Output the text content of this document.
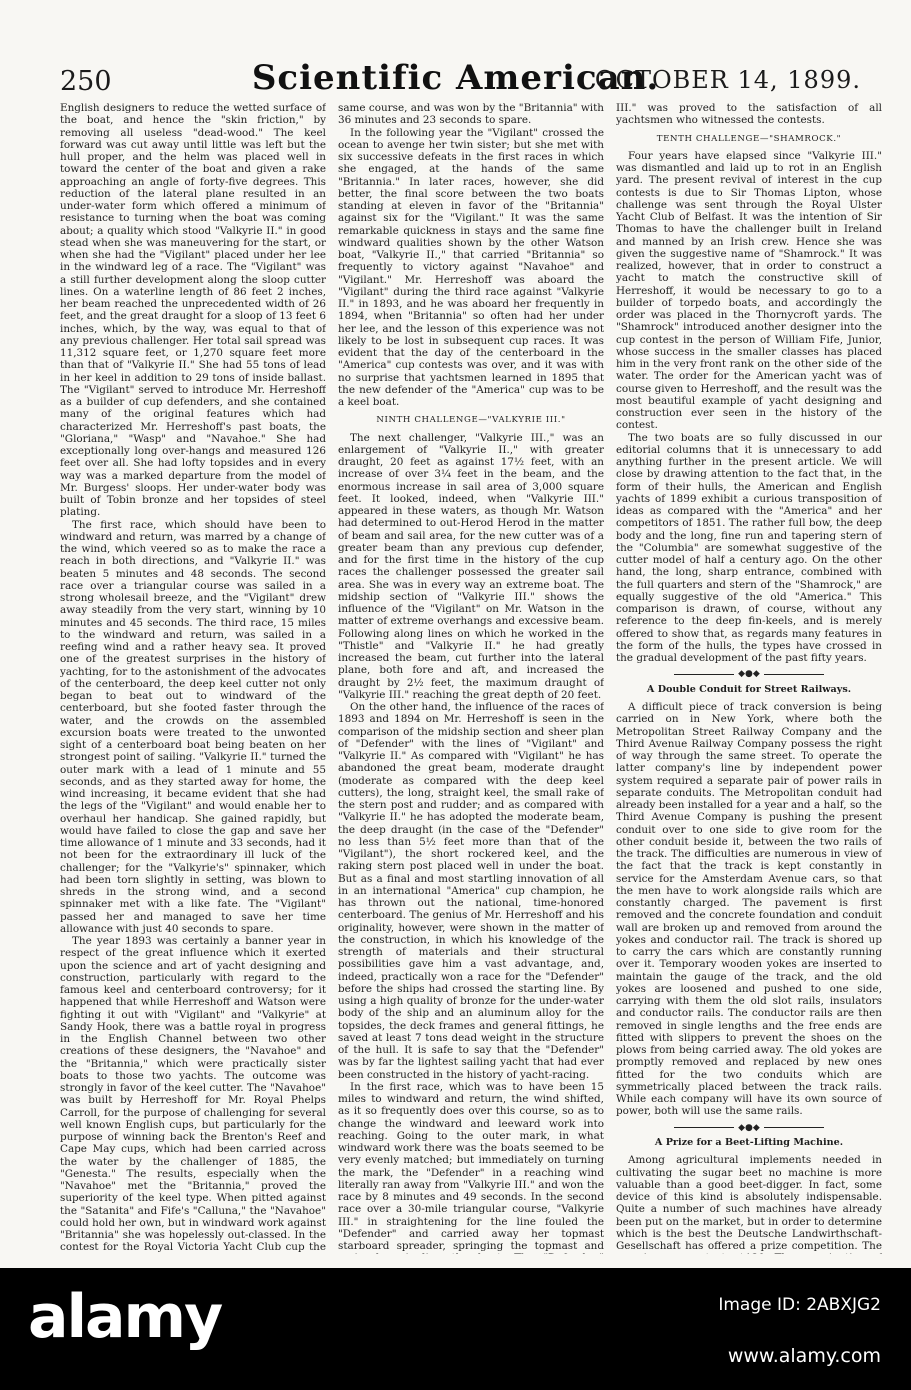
250	Scientific American.
OCTOBER 14, 1899.

English designers to reduce the wetted surface of the boat, and hence the "skin friction," by removing all useless "dead-wood." The keel forward was cut away until little was left but the hull proper, and the helm was placed well in toward the center of the boat and given a rake approaching an angle of forty-five degrees. This reduction of the lateral plane resulted in an under-water form which offered a minimum of resistance to turning when the boat was coming about; a quality which stood "Valkyrie II." in good stead when she was maneuvering for the start, or when she had the "Vigilant" placed under her lee in the windward leg of a race. The "Vigilant" was a still further development along the sloop cutter lines. On a waterline length of 86 feet 2 inches, her beam reached the unprecedented width of 26 feet, and the great draught for a sloop of 13 feet 6 inches, which, by the way, was equal to that of any previous challenger. Her total sail spread was 11,312 square feet, or 1,270 square feet more than that of "Valkyrie II." She had 55 tons of lead in her keel in addition to 29 tons of inside ballast. The "Vigilant" served to introduce Mr. Herreshoff as a builder of cup defenders, and she contained many of the original features which had characterized Mr. Herreshoff's past boats, the "Gloriana," "Wasp" and "Navahoe." She had exceptionally long over-hangs and measured 126 feet over all. She had lofty topsides and in every way was a marked departure from the model of Mr. Burgess' sloops. Her under-water body was built of Tobin bronze and her topsides of steel plating.

The first race, which should have been to windward and return, was marred by a change of the wind, which veered so as to make the race a reach in both directions, and "Valkyrie II." was beaten 5 minutes and 48 seconds. The second race over a triangular course was sailed in a strong wholesail breeze, and the "Vigilant" drew away steadily from the very start, winning by 10 minutes and 45 seconds. The third race, 15 miles to the windward and return, was sailed in a reefing wind and a rather heavy sea. It proved one of the greatest surprises in the history of yachting, for to the astonishment of the advocates of the centerboard, the deep keel cutter not only began to beat out to windward of the centerboard, but she footed faster through the water, and the crowds on the assembled excursion boats were treated to the unwonted sight of a centerboard boat being beaten on her strongest point of sailing. "Valkyrie II." turned the outer mark with a lead of 1 minute and 55 seconds, and as they started away for home, the wind increasing, it became evident that she had the legs of the "Vigilant" and would enable her to overhaul her handicap. She gained rapidly, but would have failed to close the gap and save her time allowance of 1 minute and 33 seconds, had it not been for the extraordinary ill luck of the challenger; for the "Valkyrie's" spinnaker, which had been torn slightly in setting, was blown to shreds in the strong wind, and a second spinnaker met with a like fate. The "Vigilant" passed her and managed to save her time allowance with just 40 seconds to spare.

The year 1893 was certainly a banner year in respect of the great influence which it exerted upon the science and art of yacht designing and construction, particularly with regard to the famous keel and centerboard controversy; for it happened that while Herreshoff and Watson were fighting it out with "Vigilant" and "Valkyrie" at Sandy Hook, there was a battle royal in progress in the English Channel between two other creations of these designers, the "Navahoe" and the "Britannia," which were practically sister boats to those two yachts. The outcome was strongly in favor of the keel cutter. The "Navahoe" was built by Herreshoff for Mr. Royal Phelps Carroll, for the purpose of challenging for several well known English cups, but particularly for the purpose of winning back the Brenton's Reef and Cape May cups, which had been carried across the water by the challenger of 1885, the "Genesta." The results, especially when the "Navahoe" met the "Britannia," proved the superiority of the keel type. When pitted against the "Satanita" and Fife's "Calluna," the "Navahoe" could hold her own, but in windward work against "Britannia" she was hopelessly out-classed. In the contest for the Royal Victoria Yacht Club cup the

same course, and was won by the "Britannia" with 36 minutes and 23 seconds to spare.

In the following year the "Vigilant" crossed the ocean to avenge her twin sister; but she met with six successive defeats in the first races in which she engaged, at the hands of the same "Britannia." In later races, however, she did better, the final score between the two boats standing at eleven in favor of the "Britannia" against six for the "Vigilant." It was the same remarkable quickness in stays and the same fine windward qualities shown by the other Watson boat, "Valkyrie II.," that carried "Britannia" so frequently to victory against "Navahoe" and "Vigilant." Mr. Herreshoff was aboard the "Vigilant" during the third race against "Valkyrie II." in 1893, and he was aboard her frequently in 1894, when "Britannia" so often had her under her lee, and the lesson of this experience was not likely to be lost in subsequent cup races. It was evident that the day of the centerboard in the "America" cup contests was over, and it was with no surprise that yachtsmen learned in 1895 that the new defender of the "America" cup was to be a keel boat.

NINTH CHALLENGE—"VALKYRIE III."

The next challenger, "Valkyrie III.," was an enlargement of "Valkyrie II.," with greater draught, 20 feet as against 17½ feet, with an increase of over 3¼ feet in the beam, and the enormous increase in sail area of 3,000 square feet. It looked, indeed, when "Valkyrie III." appeared in these waters, as though Mr. Watson had determined to out-Herod Herod in the matter of beam and sail area, for the new cutter was of a greater beam than any previous cup defender, and for the first time in the history of the cup races the challenger possessed the greater sail area. She was in every way an extreme boat. The midship section of "Valkyrie III." shows the influence of the "Vigilant" on Mr. Watson in the matter of extreme overhangs and excessive beam. Following along lines on which he worked in the "Thistle" and "Valkyrie II." he had greatly increased the beam, cut further into the lateral plane, both fore and aft, and increased the draught by 2½ feet, the maximum draught of "Valkyrie III." reaching the great depth of 20 feet.

On the other hand, the influence of the races of 1893 and 1894 on Mr. Herreshoff is seen in the comparison of the midship section and sheer plan of "Defender" with the lines of "Vigilant" and "Valkyrie II." As compared with "Vigilant" he has abandoned the great beam, moderate draught (moderate as compared with the deep keel cutters), the long, straight keel, the small rake of the stern post and rudder; and as compared with "Valkyrie II." he has adopted the moderate beam, the deep draught (in the case of the "Defender" no less than 5½ feet more than that of the "Vigilant"), the short rockered keel, and the raking stern post placed well in under the boat. But as a final and most startling innovation of all in an international "America" cup champion, he has thrown out the national, time-honored centerboard. The genius of Mr. Herreshoff and his originality, however, were shown in the matter of the construction, in which his knowledge of the strength of materials and their structural possibilities gave him a vast advantage, and, indeed, practically won a race for the "Defender" before the ships had crossed the starting line. By using a high quality of bronze for the under-water body of the ship and an aluminum alloy for the topsides, the deck frames and general fittings, he saved at least 7 tons dead weight in the structure of the hull. It is safe to say that the "Defender" was by far the lightest sailing yacht that had ever been constructed in the history of yacht-racing.

In the first race, which was to have been 15 miles to windward and return, the wind shifted, as it so frequently does over this course, so as to change the windward and leeward work into reaching. Going to the outer mark, in what windward work there was the boats seemed to be very evenly matched; but immediately on turning the mark, the "Defender" in a reaching wind literally ran away from "Valkyrie III." and won the race by 8 minutes and 49 seconds. In the second race over a 30-mile triangular course, "Valkyrie III." in straightening for the line fouled the "Defender" and carried away her topmast starboard spreader, springing the topmast and

III." was proved to the satisfaction of all yachtsmen who witnessed the contests.

TENTH CHALLENGE—"SHAMROCK."

Four years have elapsed since "Valkyrie III." was dismantled and laid up to rot in an English yard. The present revival of interest in the cup contests is due to Sir Thomas Lipton, whose challenge was sent through the Royal Ulster Yacht Club of Belfast. It was the intention of Sir Thomas to have the challenger built in Ireland and manned by an Irish crew. Hence she was given the suggestive name of "Shamrock." It was realized, however, that in order to construct a yacht to match the constructive skill of Herreshoff, it would be necessary to go to a builder of torpedo boats, and accordingly the order was placed in the Thornycroft yards. The "Shamrock" introduced another designer into the cup contest in the person of William Fife, Junior, whose success in the smaller classes has placed him in the very front rank on the other side of the water. The order for the American yacht was of course given to Herreshoff, and the result was the most beautiful example of yacht designing and construction ever seen in the history of the contest.

The two boats are so fully discussed in our editorial columns that it is unnecessary to add anything further in the present article. We will close by drawing attention to the fact that, in the form of their hulls, the American and English yachts of 1899 exhibit a curious transposition of ideas as compared with the "America" and her competitors of 1851. The rather full bow, the deep body and the long, fine run and tapering stern of the "Columbia" are somewhat suggestive of the cutter model of half a century ago. On the other hand, the long, sharp entrance, combined with the full quarters and stern of the "Shamrock," are equally suggestive of the old "America." This comparison is drawn, of course, without any reference to the deep fin-keels, and is merely offered to show that, as regards many features in the form of the hulls, the types have crossed in the gradual development of the past fifty years.

◆●◆
A Double Conduit for Street Railways.

A difficult piece of track conversion is being carried on in New York, where both the Metropolitan Street Railway Company and the Third Avenue Railway Company possess the right of way through the same street. To operate the latter company's line by independent power system required a separate pair of power rails in separate conduits. The Metropolitan conduit had already been installed for a year and a half, so the Third Avenue Company is pushing the present conduit over to one side to give room for the other conduit beside it, between the two rails of the track. The difficulties are numerous in view of the fact that the track is kept constantly in service for the Amsterdam Avenue cars, so that the men have to work alongside rails which are constantly charged. The pavement is first removed and the concrete foundation and conduit wall are broken up and removed from around the yokes and conductor rail. The track is shored up to carry the cars which are constantly running over it. Temporary wooden yokes are inserted to maintain the gauge of the track, and the old yokes are loosened and pushed to one side, carrying with them the old slot rails, insulators and conductor rails. The conductor rails are then removed in single lengths and the free ends are fitted with slippers to prevent the shoes on the plows from being carried away. The old yokes are promptly removed and replaced by new ones fitted for the two conduits which are symmetrically placed between the track rails. While each company will have its own source of power, both will use the same rails.

◆●◆
A Prize for a Beet-Lifting Machine.

Among agricultural implements needed in cultivating the sugar beet no machine is more valuable than a good beet-digger. In fact, some device of this kind is absolutely indispensable. Quite a number of such machines have already been put on the market, but in order to determine which is the best the Deutsche Landwirthschaft-Gesellschaft has offered a prize competition. The

alamy	Image ID: 2ABXJG2
www.alamy.com
